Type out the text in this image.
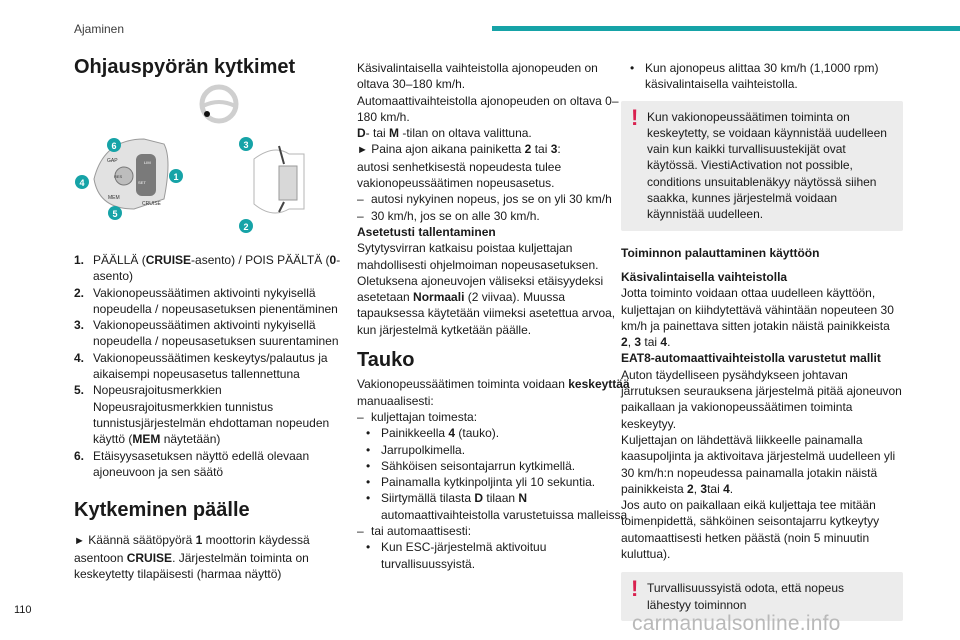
Ajaminen
Ohjauspyörän kytkimet
GAP	LIM
SET
CRUISE
MEM
RES
6
4
5
1
3
2
1. PÄÄLLÄ (CRUISE-asento) / POIS PÄÄLTÄ (0-asento)
2. Vakionopeussäätimen aktivointi nykyisellä nopeudella / nopeusasetuksen pienentäminen
3. Vakionopeussäätimen aktivointi nykyisellä nopeudella / nopeusasetuksen suurentaminen
4. Vakionopeussäätimen keskeytys/palautus ja aikaisempi nopeusasetus tallennettuna
5. Nopeusrajoitusmerkkien Nopeusrajoitusmerkkien tunnistus tunnistusjärjestelmän ehdottaman nopeuden käyttö (MEM näytetään)
6. Etäisyysasetuksen näyttö edellä olevaan ajoneuvoon ja sen säätö
Kytkeminen päälle

► Käännä säätöpyörä 1 moottorin käydessä asentoon CRUISE. Järjestelmän toiminta on keskeytetty tilapäisesti (harmaa näyttö)

Käsivalintaisella vaihteistolla ajonopeuden on oltava 30–180 km/h.

Automaattivaihteistolla ajonopeuden on oltava 0–180 km/h.

D- tai M -tilan on oltava valittuna.

► Paina ajon aikana painiketta 2 tai 3:

autosi senhetkisestä nopeudesta tulee vakionopeussäätimen nopeusasetus.

– autosi nykyinen nopeus, jos se on yli 30 km/h
– 30 km/h, jos se on alle 30 km/h.

Asetetusti tallentaminen

Sytytysvirran katkaisu poistaa kuljettajan mahdollisesti ohjelmoiman nopeusasetuksen. Oletuksena ajoneuvojen väliseksi etäisyydeksi asetetaan Normaali (2 viivaa). Muussa tapauksessa käytetään viimeksi asetettua arvoa, kun järjestelmä kytketään päälle.

Tauko

Vakionopeussäätimen toiminta voidaan keskeyttää manuaalisesti:

– kuljettajan toimesta:
• Painikkeella 4 (tauko).
• Jarrupolkimella.
• Sähköisen seisontajarrun kytkimellä.
• Painamalla kytkinpoljinta yli 10 sekuntia.
• Siirtymällä tilasta D tilaan N automaattivaihteistolla varustetuissa malleissa
– tai automaattisesti:
• Kun ESC-järjestelmä aktivoituu turvallisuussyistä.
• Kun ajonopeus alittaa 30 km/h (1,1000 rpm) käsivalintaisella vaihteistolla.
! Kun vakionopeussäätimen toiminta on keskeytetty, se voidaan käynnistää uudelleen vain kun kaikki turvallisuustekijät ovat käytössä. ViestiActivation not possible, conditions unsuitablenäkyy näytössä siihen saakka, kunnes järjestelmä voidaan käynnistää uudelleen.

Toiminnon palauttaminen käyttöön

Käsivalintaisella vaihteistolla

Jotta toiminto voidaan ottaa uudelleen käyttöön, kuljettajan on kiihdytettävä vähintään nopeuteen 30 km/h ja painettava sitten jotakin näistä painikkeista 2, 3 tai 4.

EAT8-automaattivaihteistolla varustetut mallit

Auton täydelliseen pysähdykseen johtavan jarrutuksen seurauksena järjestelmä pitää ajoneuvon paikallaan ja vakionopeussäätimen toiminta keskeytyy.

Kuljettajan on lähdettävä liikkeelle painamalla kaasupoljinta ja aktivoitava järjestelmä uudelleen yli 30 km/h:n nopeudessa painamalla jotakin näistä painikkeista 2, 3tai 4.

Jos auto on paikallaan eikä kuljettaja tee mitään toimenpidettä, sähköinen seisontajarru kytkeytyy automaattisesti hetken päästä (noin 5 minuutin kuluttua).

! Turvallisuussyistä odota, että nopeus lähestyy toiminnon
110
carmanualsonline.info
